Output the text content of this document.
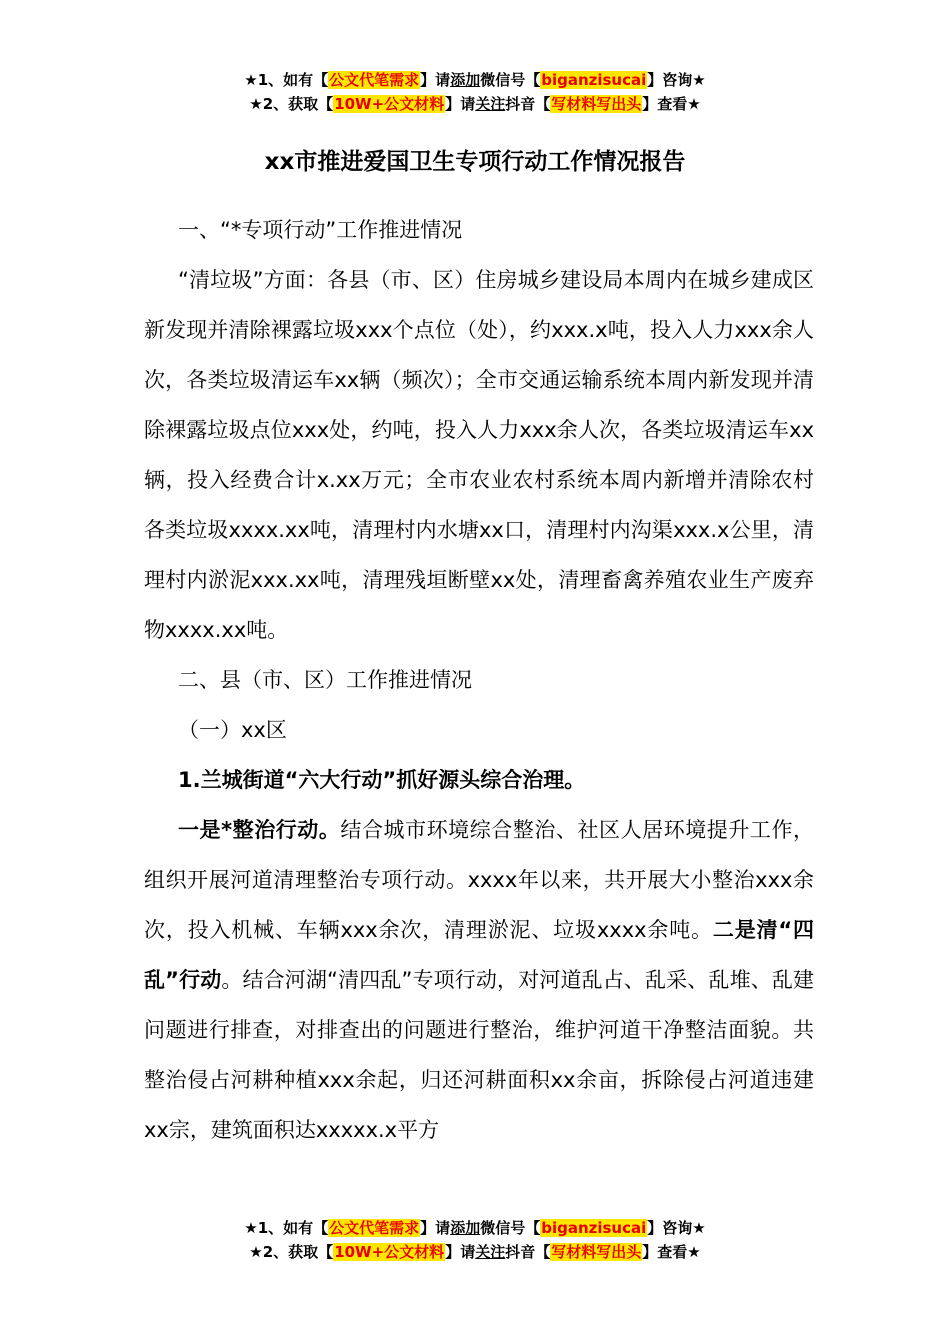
★1、如有【公文代笔需求】请添加微信号【biganzisucai】咨询★
★2、获取【10W+公文材料】请关注抖音【写材料写出头】查看★
xx市推进爱国卫生专项行动工作情况报告

一、“*专项行动”工作推进情况

“清垃圾”方面：各县（市、区）住房城乡建设局本周内在城乡建成区新发现并清除裸露垃圾xxx个点位（处），约xxx.x吨，投入人力xxx余人次，各类垃圾清运车xx辆（频次）；全市交通运输系统本周内新发现并清除裸露垃圾点位xxx处，约吨，投入人力xxx余人次，各类垃圾清运车xx辆，投入经费合计x.xx万元；全市农业农村系统本周内新增并清除农村各类垃圾xxxx.xx吨，清理村内水塘xx口，清理村内沟渠xxx.x公里，清理村内淤泥xxx.xx吨，清理残垣断壁xx处，清理畜禽养殖农业生产废弃物xxxx.xx吨。

二、县（市、区）工作推进情况

（一）xx区

1.兰城街道“六大行动”抓好源头综合治理。

一是*整治行动。结合城市环境综合整治、社区人居环境提升工作，组织开展河道清理整治专项行动。xxxx年以来，共开展大小整治xxx余次，投入机械、车辆xxx余次，清理淤泥、垃圾xxxx余吨。二是清“四乱”行动。结合河湖“清四乱”专项行动，对河道乱占、乱采、乱堆、乱建问题进行排查，对排查出的问题进行整治，维护河道干净整洁面貌。共整治侵占河耕种植xxx余起，归还河耕面积xx余亩，拆除侵占河道违建xx宗，建筑面积达xxxxx.x平方

★1、如有【公文代笔需求】请添加微信号【biganzisucai】咨询★
★2、获取【10W+公文材料】请关注抖音【写材料写出头】查看★
